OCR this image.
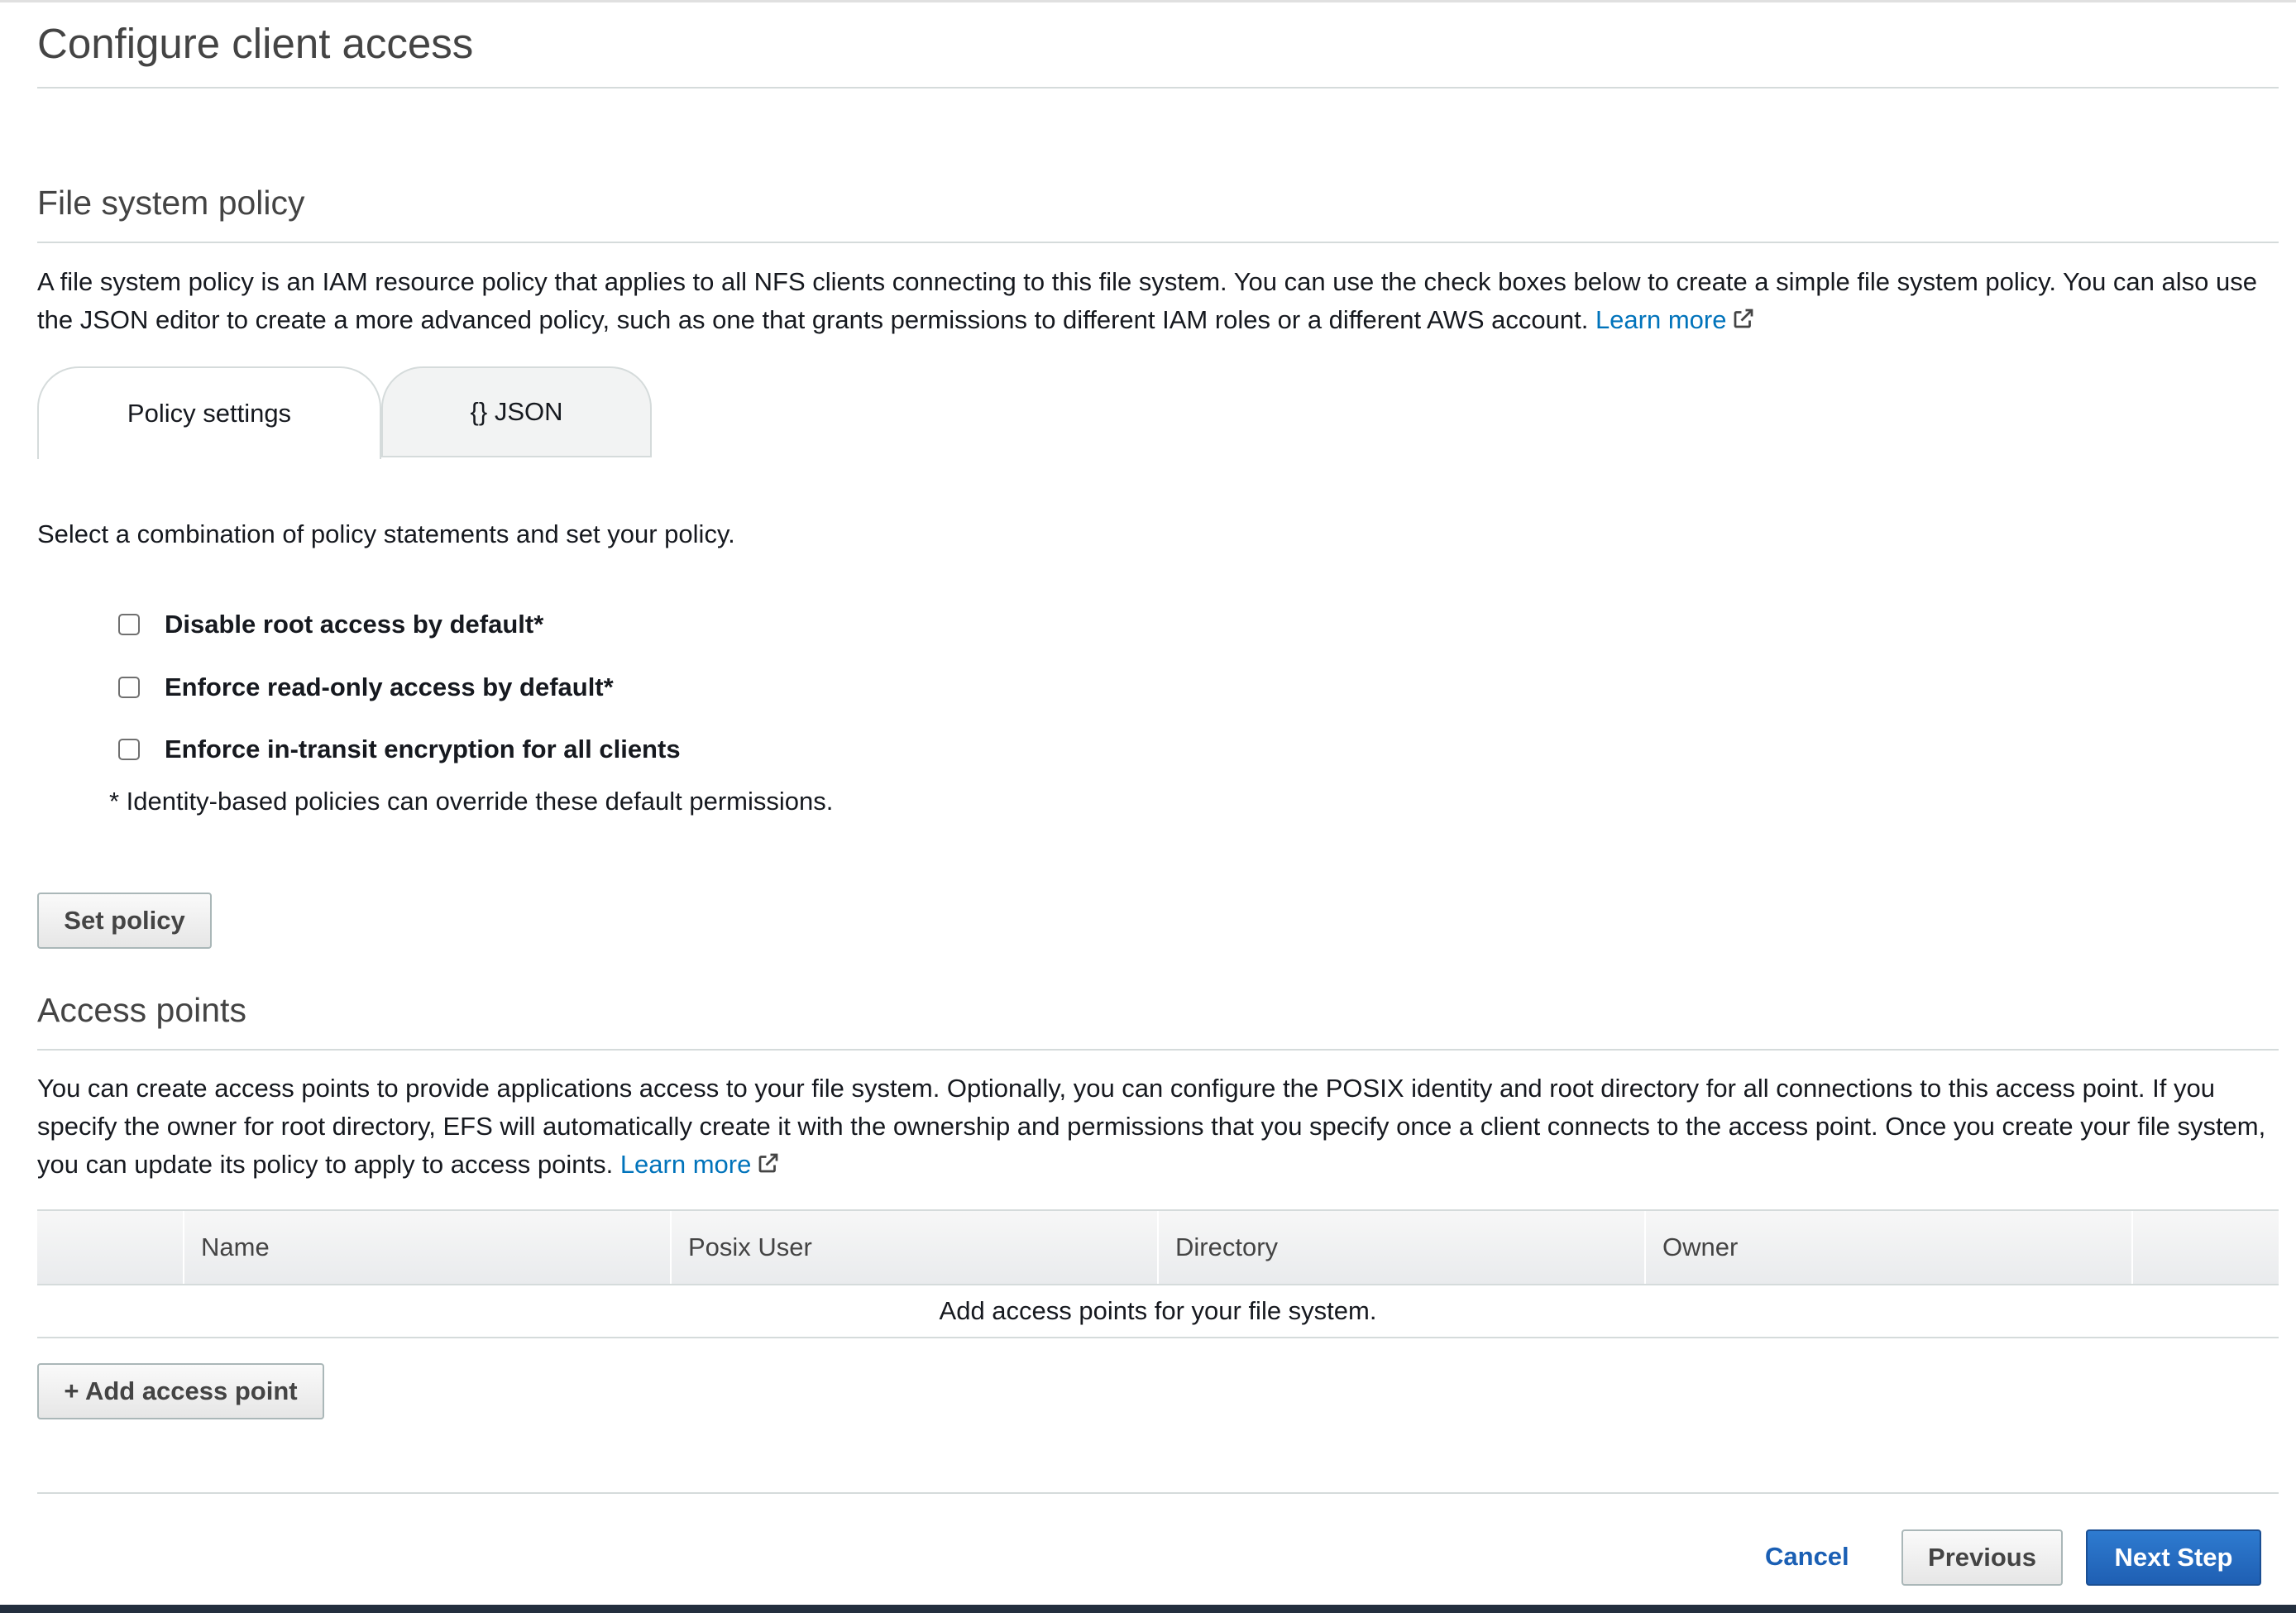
Configure client access
File system policy
A file system policy is an IAM resource policy that applies to all NFS clients connecting to this file system. You can use the check boxes below to create a simple file system policy. You can also use the JSON editor to create a more advanced policy, such as one that grants permissions to different IAM roles or a different AWS account. Learn more
Policy settings	{} JSON
Select a combination of policy statements and set your policy.
Disable root access by default*
Enforce read-only access by default*
Enforce in-transit encryption for all clients
* Identity-based policies can override these default permissions.
Set policy
Access points
You can create access points to provide applications access to your file system. Optionally, you can configure the POSIX identity and root directory for all connections to this access point. If you specify the owner for root directory, EFS will automatically create it with the ownership and permissions that you specify once a client connects to the access point. Once you create your file system, you can update its policy to apply to access points. Learn more
Name	Posix User	Directory	Owner
Add access points for your file system.
+ Add access point
Cancel	Previous	Next Step
